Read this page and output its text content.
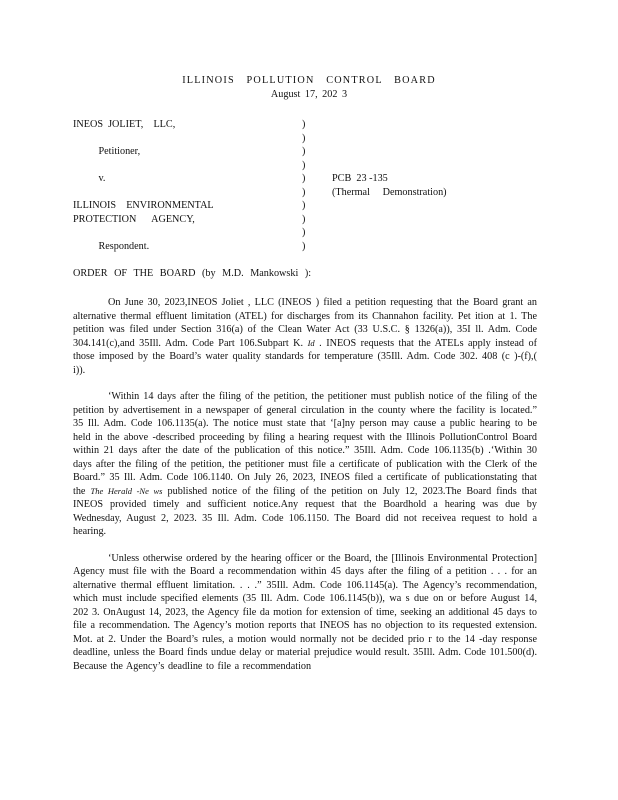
ILLINOIS POLLUTION CONTROL BOARD
August 17, 202 3
INEOS  JOLIET,    LLC,
Petitioner,
v.
ILLINOIS    ENVIRONMENTAL
PROTECTION      AGENCY,
Respondent.
)
)
)
)
)
)
)
)
)
)
PCB  23 -135
(Thermal     Demonstration)
ORDER OF THE BOARD (by M.D. Mankowski ):

On June 30, 2023,INEOS Joliet , LLC (INEOS ) filed a petition requesting that the Board grant an alternative thermal effluent limitation (ATEL) for discharges from its Channahon facility. Pet ition at 1. The petition was filed under Section 316(a) of the Clean Water Act (33 U.S.C. § 1326(a)), 35I ll. Adm. Code 304.141(c),and 35Ill. Adm. Code Part 106.Subpart K. Id . INEOS requests that the ATELs apply instead of those imposed by the Board’s water quality standards for temperature (35Ill. Adm. Code 302. 408 (c )-(f),( i)).

‘Within 14 days after the filing of the petition, the petitioner must publish notice of the filing of the petition by advertisement in a newspaper of general circulation in the county where the facility is located.” 35 Ill. Adm. Code 106.1135(a). The notice must state that ‘[a]ny person may cause a public hearing to be held in the above -described proceeding by filing a hearing request with the Illinois PollutionControl Board within 21 days after the date of the publication of this notice.” 35Ill. Adm. Code 106.1135(b) .‘Within 30 days after the filing of the petition, the petitioner must file a certificate of publication with the Clerk of the Board.” 35 Ill. Adm. Code 106.1140. On July 26, 2023, INEOS filed a certificate of publicationstating that the The Herald -Ne ws published notice of the filing of the petition on July 12, 2023.The Board finds that INEOS provided timely and sufficient notice.Any request that the Boardhold a hearing was due by Wednesday, August 2, 2023. 35 Ill. Adm. Code 106.1150. The Board did not receivea request to hold a hearing.

‘Unless otherwise ordered by the hearing officer or the Board, the [Illinois Environmental Protection] Agency must file with the Board a recommendation within 45 days after the filing of a petition . . . for an alternative thermal effluent limitation. . . .” 35Ill. Adm. Code 106.1145(a). The Agency’s recommendation, which must include specified elements (35 Ill. Adm. Code 106.1145(b)), wa s due on or before August 14, 202 3. OnAugust 14, 2023, the Agency file da motion for extension of time, seeking an additional 45 days to file a recommendation. The Agency’s motion reports that INEOS has no objection to its requested extension. Mot. at 2. Under the Board’s rules, a motion would normally not be decided prio r to the 14 -day response deadline, unless the Board finds undue delay or material prejudice would result. 35Ill. Adm. Code 101.500(d). Because the Agency’s deadline to file a recommendation
